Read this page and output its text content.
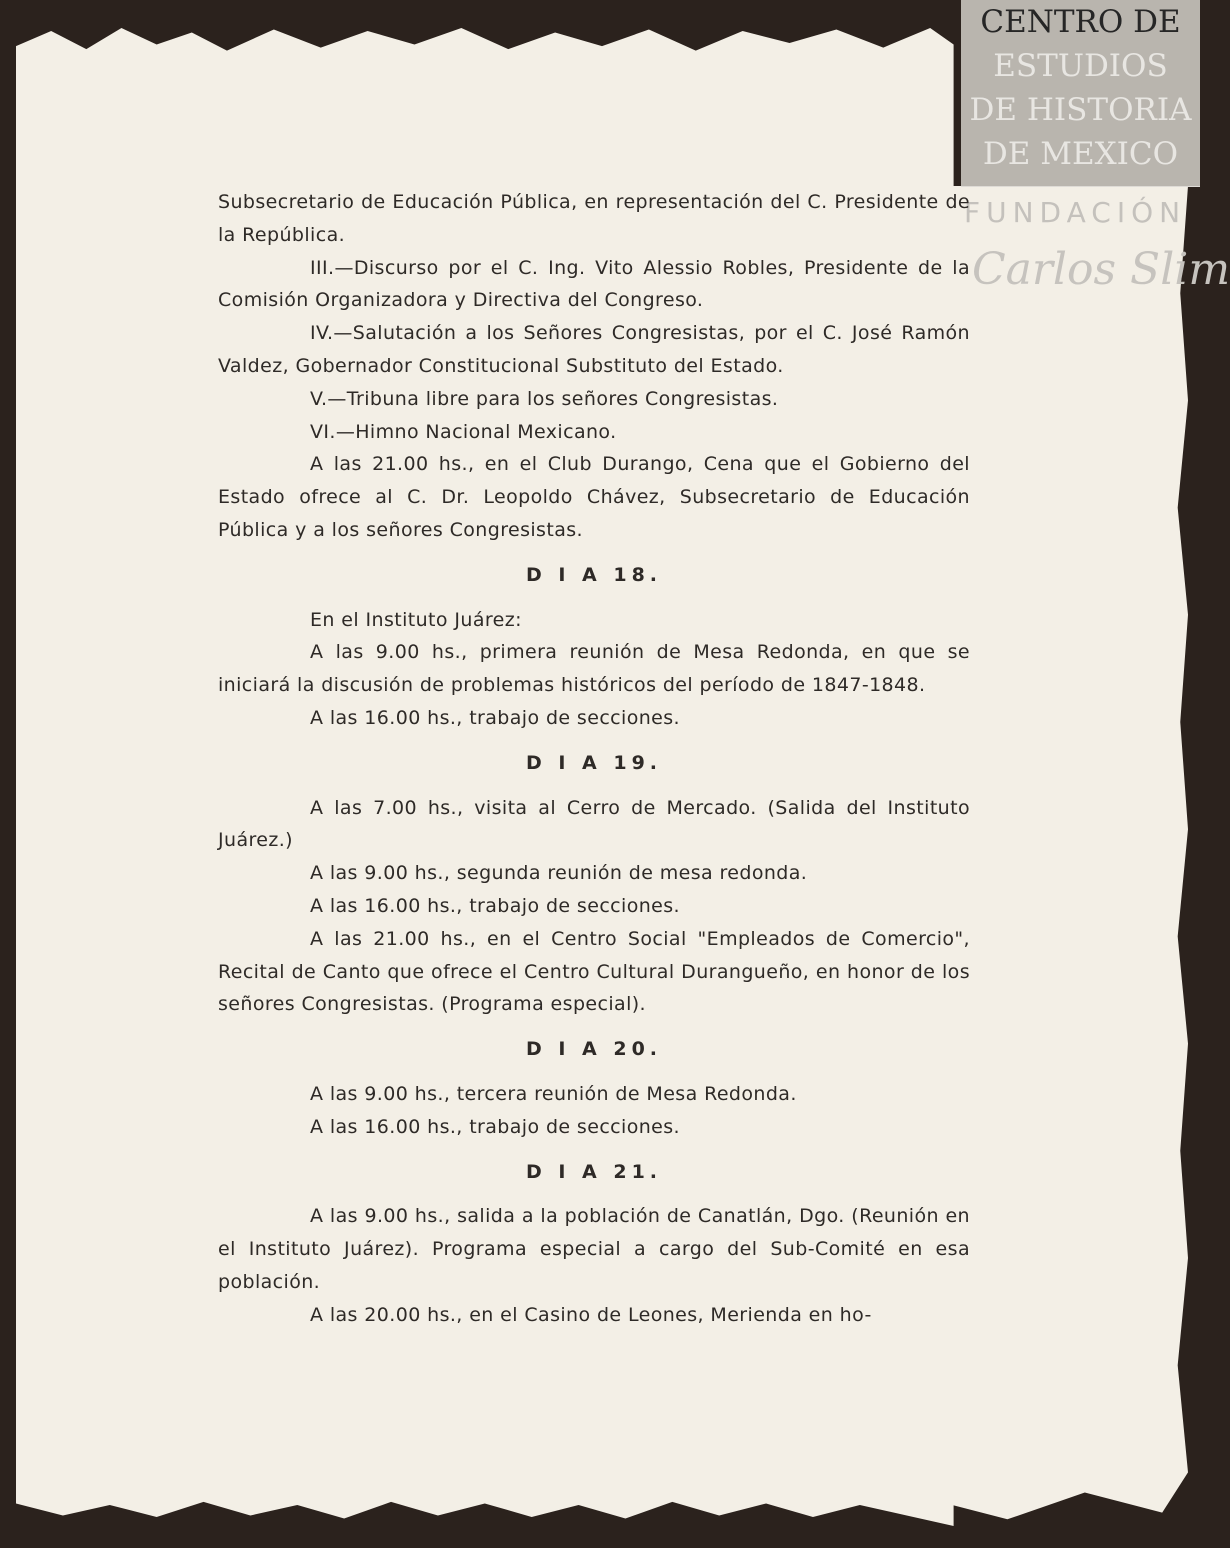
CENTRO DE
ESTUDIOS
DE HISTORIA
DE MEXICO
FUNDACIÓN
Carlos Slim

Subsecretario de Educación Pública, en representación del C. Presidente de la República.

III.—Discurso por el C. Ing. Vito Alessio Robles, Presidente de la Comisión Organizadora y Directiva del Congreso.

IV.—Salutación a los Señores Congresistas, por el C. José Ramón Valdez, Gobernador Constitucional Substituto del Estado.

V.—Tribuna libre para los señores Congresistas.

VI.—Himno Nacional Mexicano.

A las 21.00 hs., en el Club Durango, Cena que el Gobierno del Estado ofrece al C. Dr. Leopoldo Chávez, Subsecretario de Educación Pública y a los señores Congresistas.

D I A 18.

En el Instituto Juárez:

A las 9.00 hs., primera reunión de Mesa Redonda, en que se iniciará la discusión de problemas históricos del período de 1847-1848.

A las 16.00 hs., trabajo de secciones.

D I A 19.

A las 7.00 hs., visita al Cerro de Mercado. (Salida del Instituto Juárez.)

A las 9.00 hs., segunda reunión de mesa redonda.

A las 16.00 hs., trabajo de secciones.

A las 21.00 hs., en el Centro Social "Empleados de Comercio", Recital de Canto que ofrece el Centro Cultural Durangueño, en honor de los señores Congresistas. (Programa especial).

D I A 20.

A las 9.00 hs., tercera reunión de Mesa Redonda.

A las 16.00 hs., trabajo de secciones.

D I A 21.

A las 9.00 hs., salida a la población de Canatlán, Dgo. (Reunión en el Instituto Juárez). Programa especial a cargo del Sub-Comité en esa población.

A las 20.00 hs., en el Casino de Leones, Merienda en ho-
